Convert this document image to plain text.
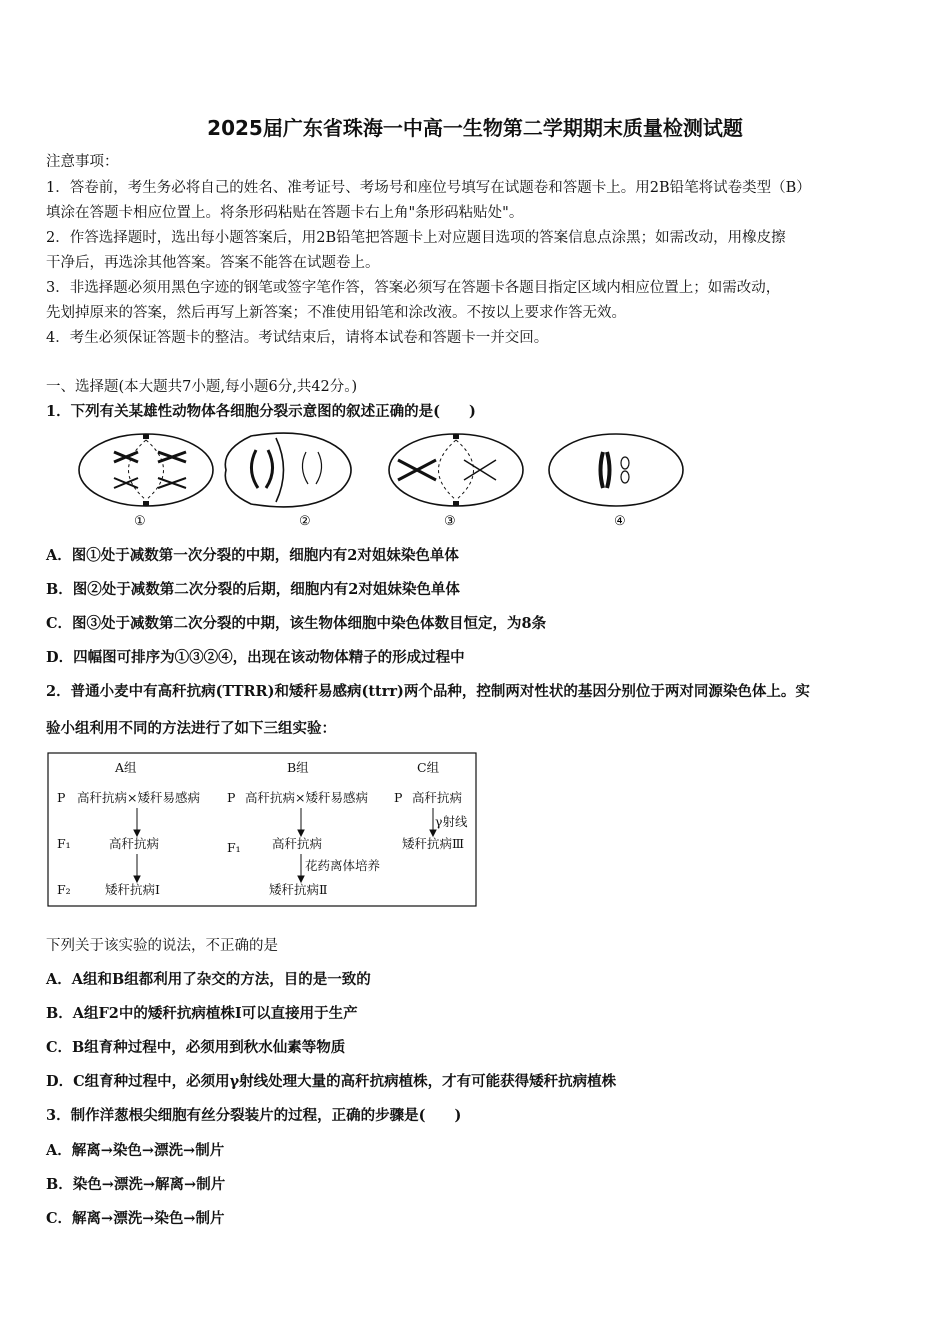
2025届广东省珠海一中高一生物第二学期期末质量检测试题
注意事项：
1．答卷前，考生务必将自己的姓名、准考证号、考场号和座位号填写在试题卷和答题卡上。用2B铅笔将试卷类型（B）
填涂在答题卡相应位置上。将条形码粘贴在答题卡右上角"条形码粘贴处"。
2．作答选择题时，选出每小题答案后，用2B铅笔把答题卡上对应题目选项的答案信息点涂黑；如需改动，用橡皮擦
干净后，再选涂其他答案。答案不能答在试题卷上。
3．非选择题必须用黑色字迹的钢笔或签字笔作答，答案必须写在答题卡各题目指定区域内相应位置上；如需改动，
先划掉原来的答案，然后再写上新答案；不准使用铅笔和涂改液。不按以上要求作答无效。
4．考生必须保证答题卡的整洁。考试结束后，请将本试卷和答题卡一并交回。
一、选择题(本大题共7小题,每小题6分,共42分。)
1．下列有关某雄性动物体各细胞分裂示意图的叙述正确的是(　　)
①	②	③	④
A．图①处于减数第一次分裂的中期，细胞内有2对姐妹染色单体
B．图②处于减数第二次分裂的后期，细胞内有2对姐妹染色单体
C．图③处于减数第二次分裂的中期，该生物体细胞中染色体数目恒定，为8条
D．四幅图可排序为①③②④，出现在该动物体精子的形成过程中
2．普通小麦中有高秆抗病(TTRR)和矮秆易感病(ttrr)两个品种，控制两对性状的基因分别位于两对同源染色体上。实
验小组利用不同的方法进行了如下三组实验：
A组	B组	C组
P 高秆抗病×矮秆易感病 P 高秆抗病×矮秆易感病 P 高秆抗病
F₁	高秆抗病	F₁	高秆抗病
γ射线
矮秆抗病Ⅲ
花药离体培养
F₂	矮秆抗病Ⅰ	矮秆抗病Ⅱ
下列关于该实验的说法，不正确的是
A．A组和B组都利用了杂交的方法，目的是一致的
B．A组F2中的矮秆抗病植株Ⅰ可以直接用于生产
C．B组育种过程中，必须用到秋水仙素等物质
D．C组育种过程中，必须用γ射线处理大量的高秆抗病植株，才有可能获得矮秆抗病植株
3．制作洋葱根尖细胞有丝分裂装片的过程，正确的步骤是(　　)
A．解离→染色→漂洗→制片
B．染色→漂洗→解离→制片
C．解离→漂洗→染色→制片
